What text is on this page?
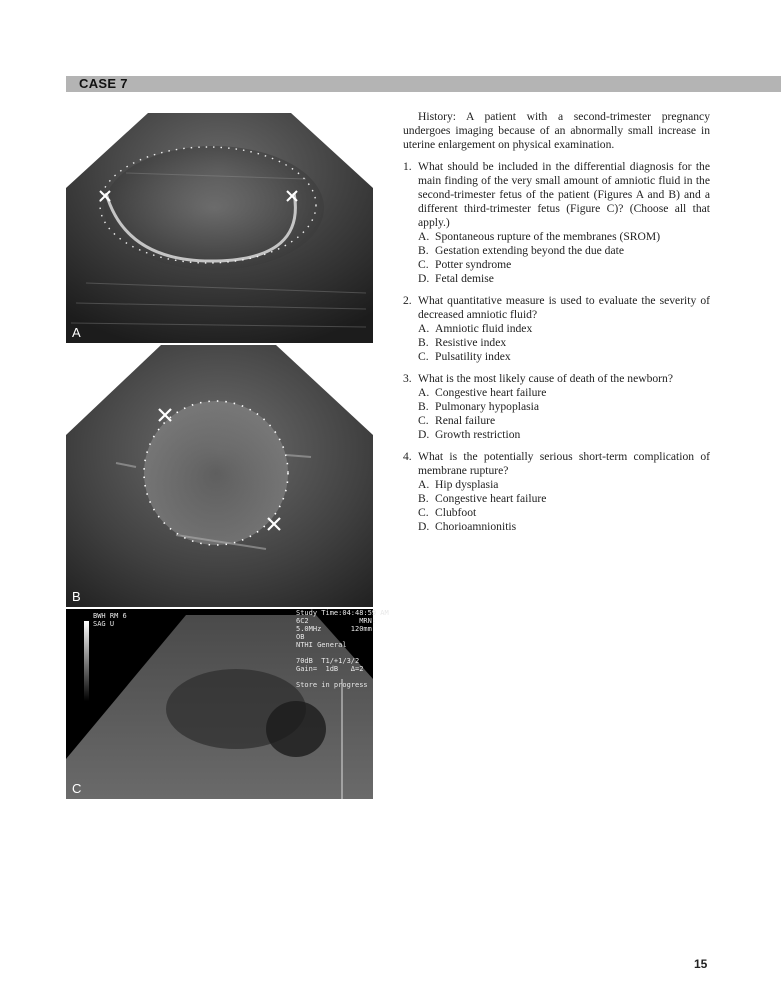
CASE 7
A
B
BWH RM 6
SAG U
Study Time:04:48:59 AM
6C2            MRN:
5.0MHz       120mm
OB
NTHI General

70dB  T1/+1/3/2
Gain=  1dB   Δ=2

Store in progress
C

History: A patient with a second-trimester pregnancy undergoes imaging because of an abnormally small increase in uterine enlargement on physical examination.

1. What should be included in the differential diagnosis for the main finding of the very small amount of amniotic fluid in the second-trimester fetus of the patient (Figures A and B) and a different third-trimester fetus (Figure C)? (Choose all that apply.)
A. Spontaneous rupture of the membranes (SROM)
B. Gestation extending beyond the due date
C. Potter syndrome
D. Fetal demise
2. What quantitative measure is used to evaluate the severity of decreased amniotic fluid?
A. Amniotic fluid index
B. Resistive index
C. Pulsatility index
3. What is the most likely cause of death of the newborn?
A. Congestive heart failure
B. Pulmonary hypoplasia
C. Renal failure
D. Growth restriction
4. What is the potentially serious short-term complication of membrane rupture?
A. Hip dysplasia
B. Congestive heart failure
C. Clubfoot
D. Chorioamnionitis
15
